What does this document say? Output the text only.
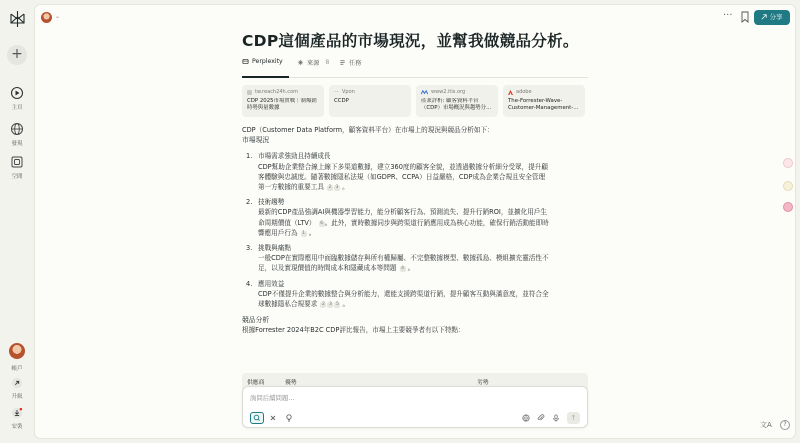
+
主頁
發現
空間
帳戶
升級
安裝
⌄	···	分享
CDP這個產品的市場現況，並幫我做競品分析。
Perplexity	來源 8	任務
tw.reach24h.com
CDP 2025市場實戰｜制爆銷
時勢與量數據
— Vpon
CCDP
www2.itis.org
產業評析: 顧客資料平台
（CDP）市場概況與趨勢分...
adobe
The-Forrester-Wave-
Customer-Management-...

CDP（Customer Data Platform，顧客資料平台）在市場上的現況與競品分析如下：

市場現況

1. 市場需求強勁且持續成長

CDP幫助企業整合線上線下多渠道數據，建立360度的顧客全貌，並透過數據分析細分受眾，提升顧

客體驗與忠誠度。隨著數據隱私法規（如GDPR、CCPA）日益嚴格，CDP成為企業合規且安全管理

第一方數據的重要工具 2 3 。

2. 技術趨勢

最新的CDP產品強調AI與機器學習能力，能分析顧客行為、預測流失、提升行銷ROI，並擴化用戶生

命周期價值（LTV） 6 。此外，實時數據同步與跨渠道行銷應用成為核心功能，確保行銷活動能即時

響應用戶行為 1 。

3. 挑戰與痛點

一般CDP在實際應用中面臨數據儲存與所有權歸屬、不完整數據模型、數據孤島、模組擴充靈活性不

足，以及實現價值的時間成本和隱藏成本等問題 4 。

4. 應用效益

CDP不僅提升企業的數據整合與分析能力，還能支援跨渠道行銷，提升顧客互動與滿意度，並符合全

球數據隱私合規要求 2 3 5 。

競品分析

根據Forrester 2024年B2C CDP評比報告，市場上主要競爭者有以下特點：

供應商	優勢	劣勢
詢問后續問題...
↑
文A	?
